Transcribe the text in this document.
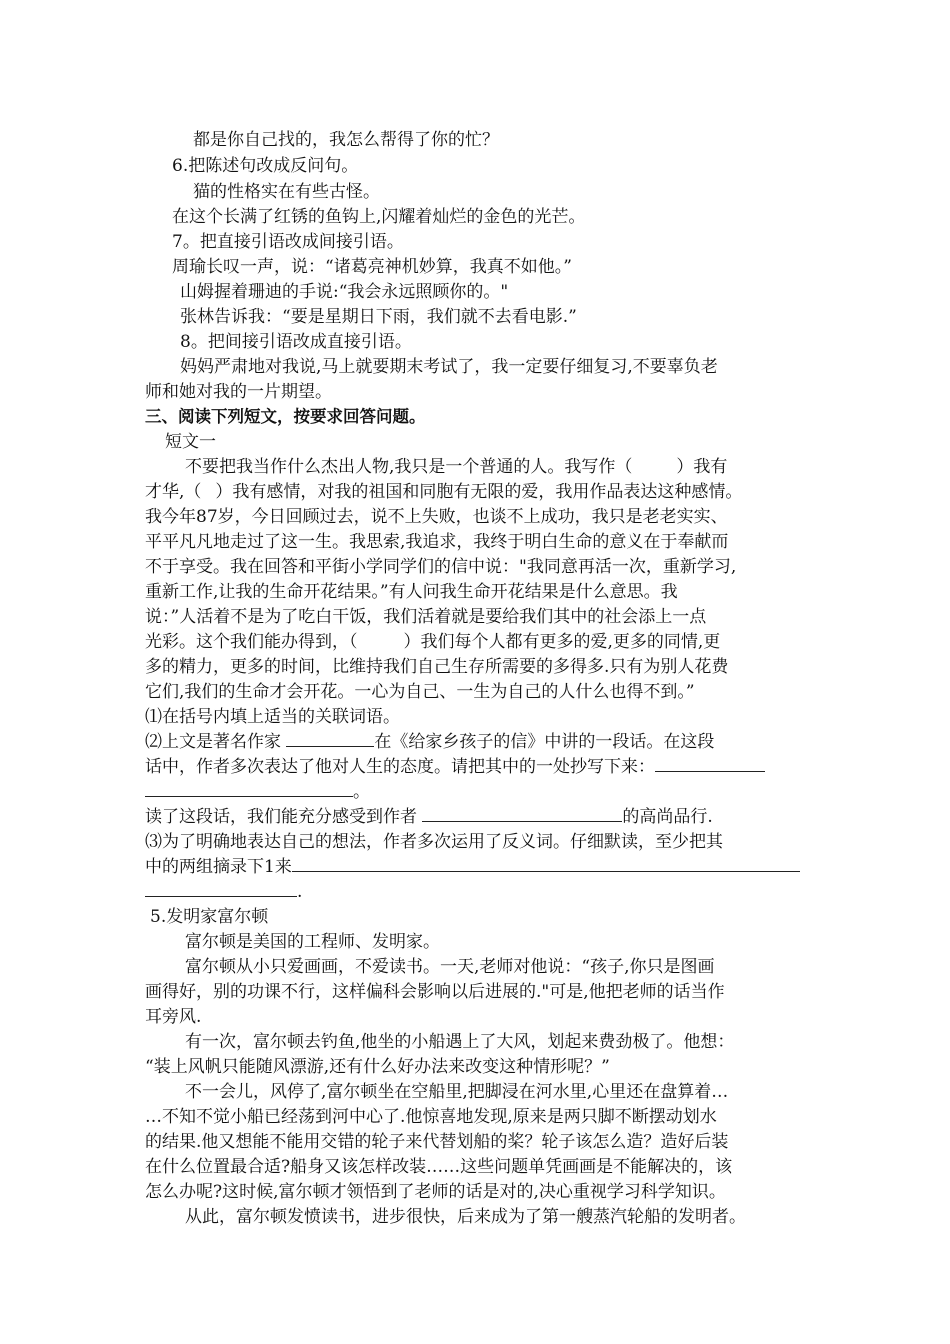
都是你自己找的，我怎么帮得了你的忙？
6.把陈述句改成反问句。
猫的性格实在有些古怪。
在这个长满了红锈的鱼钩上,闪耀着灿烂的金色的光芒。
7。把直接引语改成间接引语。
周瑜长叹一声，说：“诸葛亮神机妙算，我真不如他。”
山姆握着珊迪的手说:“我会永远照顾你的。"
张林告诉我：“要是星期日下雨，我们就不去看电影.”
8。把间接引语改成直接引语。
妈妈严肃地对我说,马上就要期末考试了，我一定要仔细复习,不要辜负老
师和她对我的一片期望。
三、阅读下列短文，按要求回答问题。
短文一
不要把我当作什么杰出人物,我只是一个普通的人。我写作（	）我有
才华,（ ）我有感情，对我的祖国和同胞有无限的爱，我用作品表达这种感情。
我今年87岁，今日回顾过去，说不上失败，也谈不上成功，我只是老老实实、
平平凡凡地走过了这一生。我思索,我追求，我终于明白生命的意义在于奉献而
不于享受。我在回答和平街小学同学们的信中说："我同意再活一次，重新学习,
重新工作,让我的生命开花结果。”有人问我生命开花结果是什么意思。我
说：”人活着不是为了吃白干饭，我们活着就是要给我们其中的社会添上一点
光彩。这个我们能办得到，（	）我们每个人都有更多的爱,更多的同情,更
多的精力，更多的时间，比维持我们自己生存所需要的多得多.只有为别人花费
它们,我们的生命才会开花。一心为自己、一生为自己的人什么也得不到。”
⑴在括号内填上适当的关联词语。
⑵上文是著名作家	在《给家乡孩子的信》中讲的一段话。在这段
话中，作者多次表达了他对人生的态度。请把其中的一处抄写下来：
。
读了这段话，我们能充分感受到作者	的高尚品行.
⑶为了明确地表达自己的想法，作者多次运用了反义词。仔细默读，至少把其
中的两组摘录下1来
.
5.发明家富尔顿
富尔顿是美国的工程师、发明家。
富尔顿从小只爱画画，不爱读书。一天,老师对他说：“孩子,你只是图画
画得好，别的功课不行，这样偏科会影响以后进展的."可是,他把老师的话当作
耳旁风.
有一次，富尔顿去钓鱼,他坐的小船遇上了大风，划起来费劲极了。他想：
“装上风帆只能随风漂游,还有什么好办法来改变这种情形呢？”
不一会儿，风停了,富尔顿坐在空船里,把脚浸在河水里,心里还在盘算着…
…不知不觉小船已经荡到河中心了.他惊喜地发现,原来是两只脚不断摆动划水
的结果.他又想能不能用交错的轮子来代替划船的桨？轮子该怎么造？造好后装
在什么位置最合适?船身又该怎样改装……这些问题单凭画画是不能解决的，该
怎么办呢?这时候,富尔顿才领悟到了老师的话是对的,决心重视学习科学知识。
从此，富尔顿发愤读书，进步很快，后来成为了第一艘蒸汽轮船的发明者。
